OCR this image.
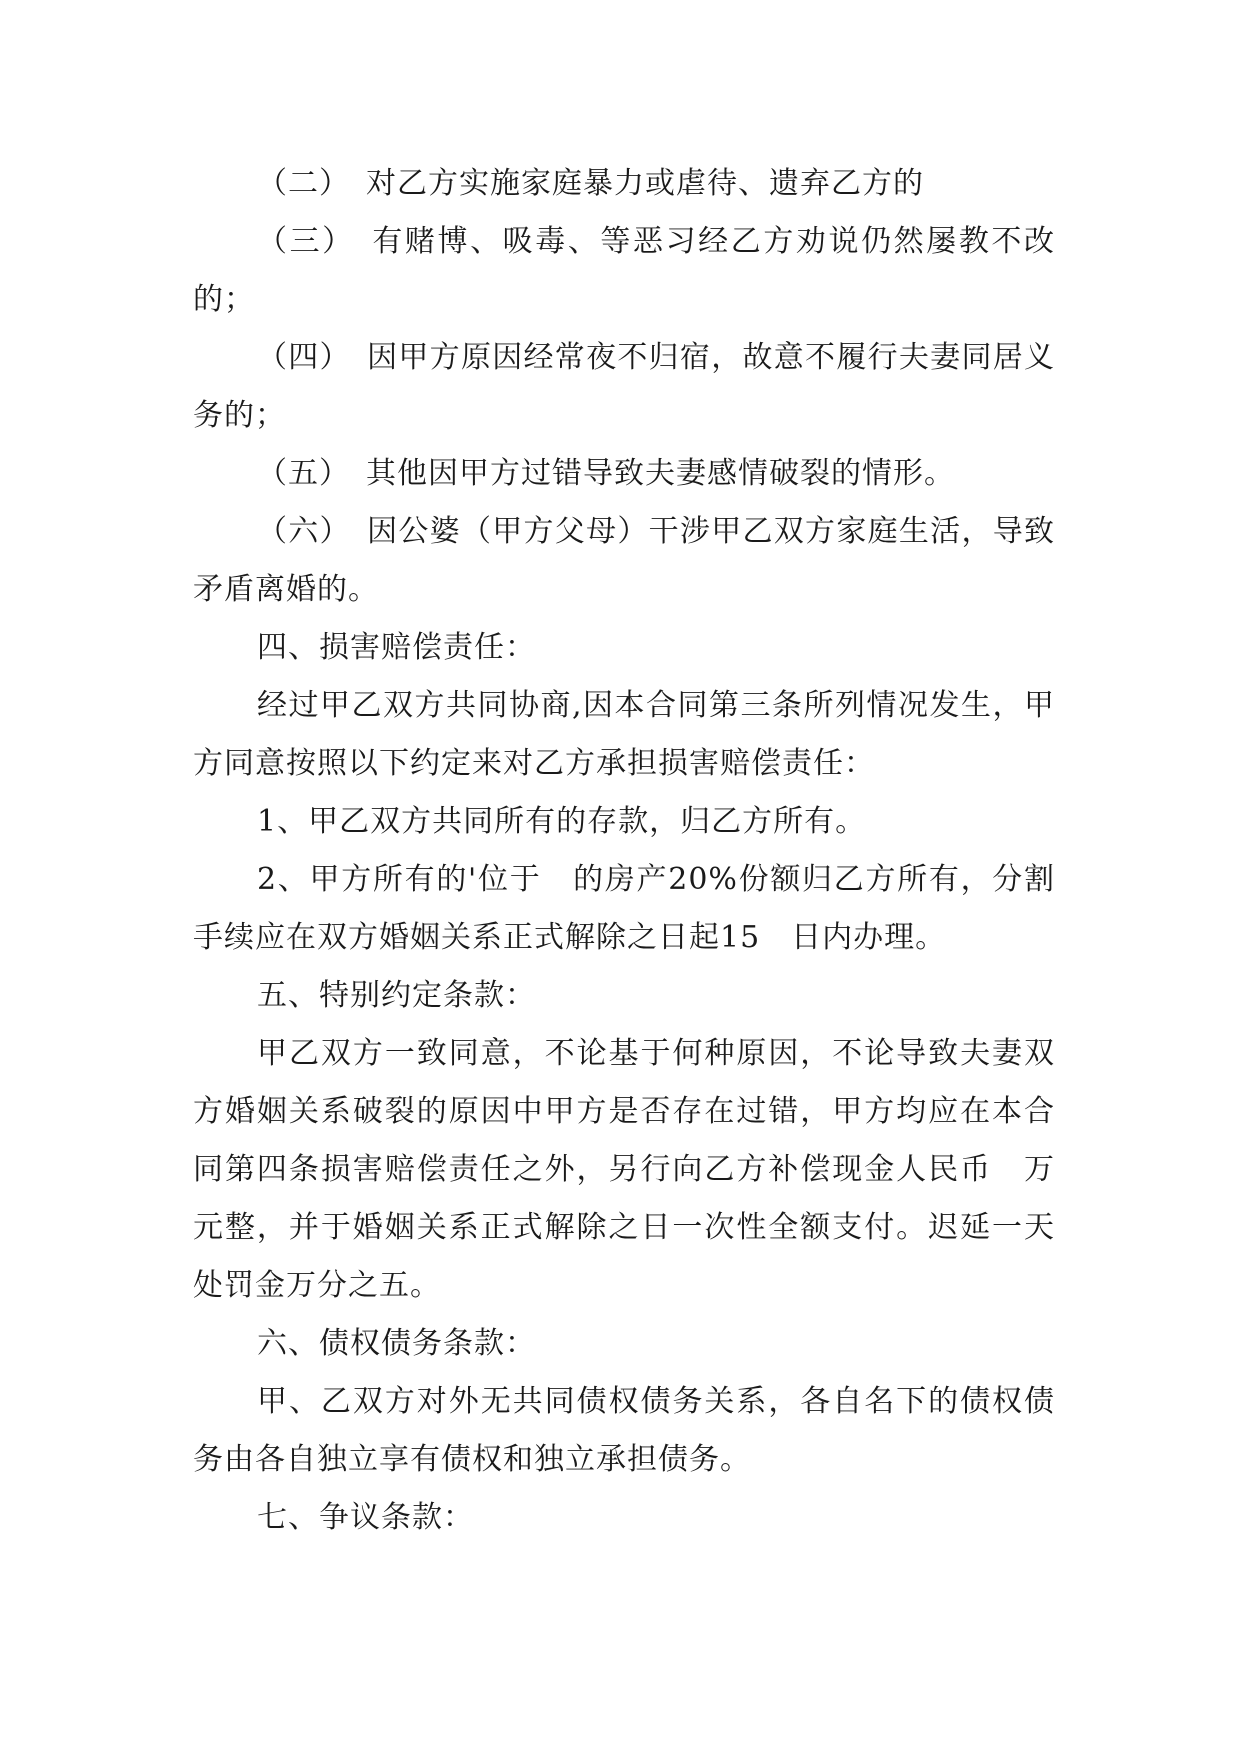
（二）　对乙方实施家庭暴力或虐待、遗弃乙方的

（三）　有赌博、吸毒、等恶习经乙方劝说仍然屡教不改的；

（四）　因甲方原因经常夜不归宿，故意不履行夫妻同居义务的；

（五）　其他因甲方过错导致夫妻感情破裂的情形。

（六）　因公婆（甲方父母）干涉甲乙双方家庭生活，导致矛盾离婚的。

四、损害赔偿责任：

经过甲乙双方共同协商,因本合同第三条所列情况发生，甲方同意按照以下约定来对乙方承担损害赔偿责任：

1、甲乙双方共同所有的存款，归乙方所有。

2、甲方所有的'位于　的房产20%份额归乙方所有，分割手续应在双方婚姻关系正式解除之日起15　日内办理。

五、特别约定条款：

甲乙双方一致同意，不论基于何种原因，不论导致夫妻双方婚姻关系破裂的原因中甲方是否存在过错，甲方均应在本合同第四条损害赔偿责任之外，另行向乙方补偿现金人民币　万元整，并于婚姻关系正式解除之日一次性全额支付。迟延一天处罚金万分之五。

六、债权债务条款：

甲、乙双方对外无共同债权债务关系，各自名下的债权债务由各自独立享有债权和独立承担债务。

七、争议条款：
